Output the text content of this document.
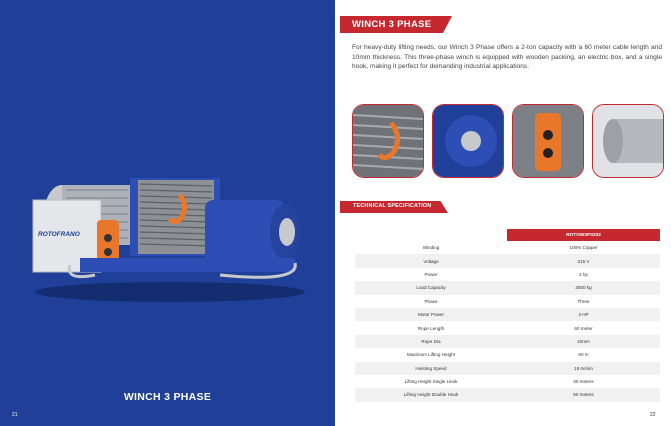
ROTOFRANO
WINCH 3 PHASE
21
WINCH 3 PHASE
For heavy-duty lifting needs, our Winch 3 Phase offers a 2-ton capacity with a 60 meter cable length and 10mm thickness. This three-phase winch is equipped with wooden packing, an electric box, and a single hook, making it perfect for demanding industrial applications.
TECHNICAL SPECIFICATION
	ROTOW3P0202
Winding	100% Copper
Voltage	415 V
Power	3 hp
Load Capacity	2000 kg
Phase	Three
Motor Power	3 HP
Rope Length	60 meter
Rope Dia	10mm
Maximum Lifting Height	60 m
Hoisting Speed	18 m/min
Lifting Height Single Hook	30 meters
Lifting Height Double Hook	60 meters
22
